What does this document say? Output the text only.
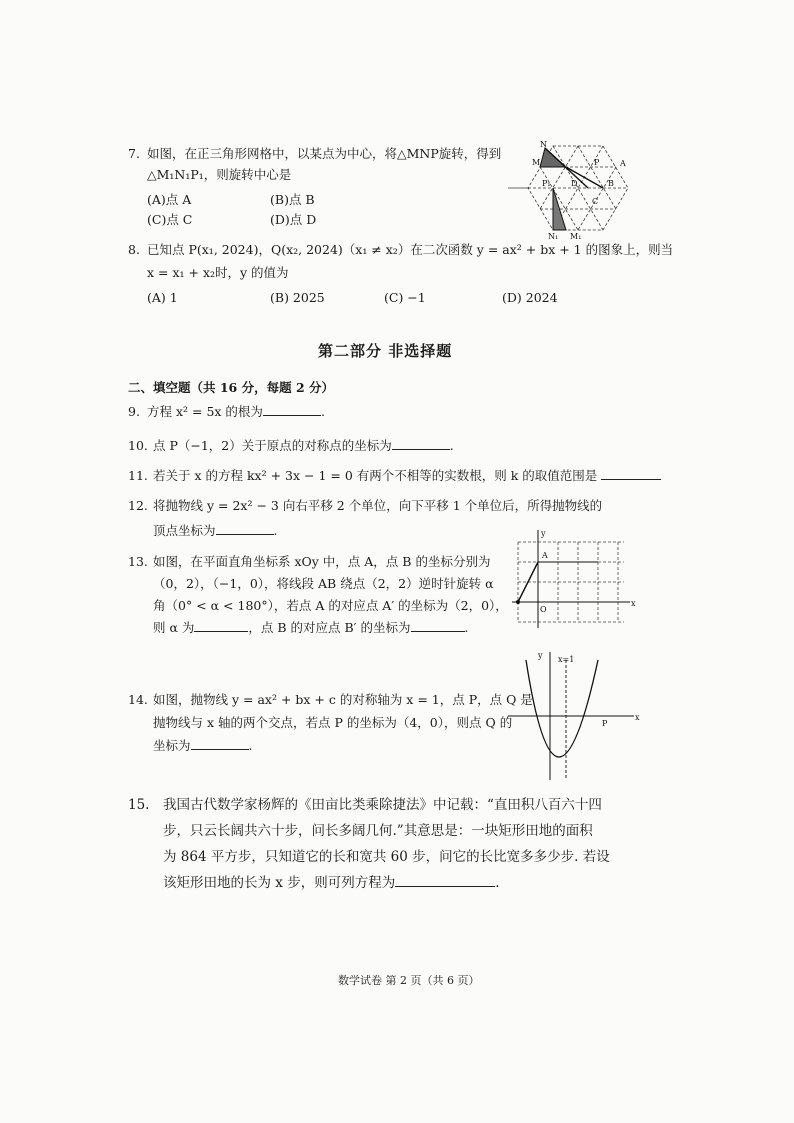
7. 如图，在正三角形网格中，以某点为中心，将△MNP旋转，得到
△M₁N₁P₁，则旋转中心是
(A)点 A	(B)点 B
(C)点 C	(D)点 D
N
M	P	A
B
C
D
P₁
N₁ M₁
8. 已知点 P(x₁, 2024)，Q(x₂, 2024)（x₁ ≠ x₂）在二次函数 y = ax² + bx + 1 的图象上，则当
x = x₁ + x₂时，y 的值为
(A) 1	(B) 2025	(C) −1	(D) 2024
第二部分 非选择题
二、填空题（共 16 分，每题 2 分）
9. 方程 x² = 5x 的根为	.
10. 点 P（−1，2）关于原点的对称点的坐标为	.
11. 若关于 x 的方程 kx² + 3x − 1 = 0 有两个不相等的实数根，则 k 的取值范围是
12. 将抛物线 y = 2x² − 3 向右平移 2 个单位，向下平移 1 个单位后，所得抛物线的
顶点坐标为	.
13. 如图，在平面直角坐标系 xOy 中，点 A，点 B 的坐标分别为
（0，2），（−1，0），将线段 AB 绕点（2，2）逆时针旋转 α
角（0° < α < 180°），若点 A 的对应点 A′ 的坐标为（2，0），
则 α 为	，点 B 的对应点 B′ 的坐标为	.
y
A
x
O
14. 如图，抛物线 y = ax² + bx + c 的对称轴为 x = 1，点 P，点 Q 是
抛物线与 x 轴的两个交点，若点 P 的坐标为（4，0），则点 Q 的
坐标为	.
y x=1
P
x
15. 我国古代数学家杨辉的《田亩比类乘除捷法》中记载：“直田积八百六十四
步，只云长阔共六十步，问长多阔几何.”其意思是：一块矩形田地的面积
为 864 平方步，只知道它的长和宽共 60 步，问它的长比宽多多少步. 若设
该矩形田地的长为 x 步，则可列方程为	.
数学试卷 第 2 页（共 6 页）
